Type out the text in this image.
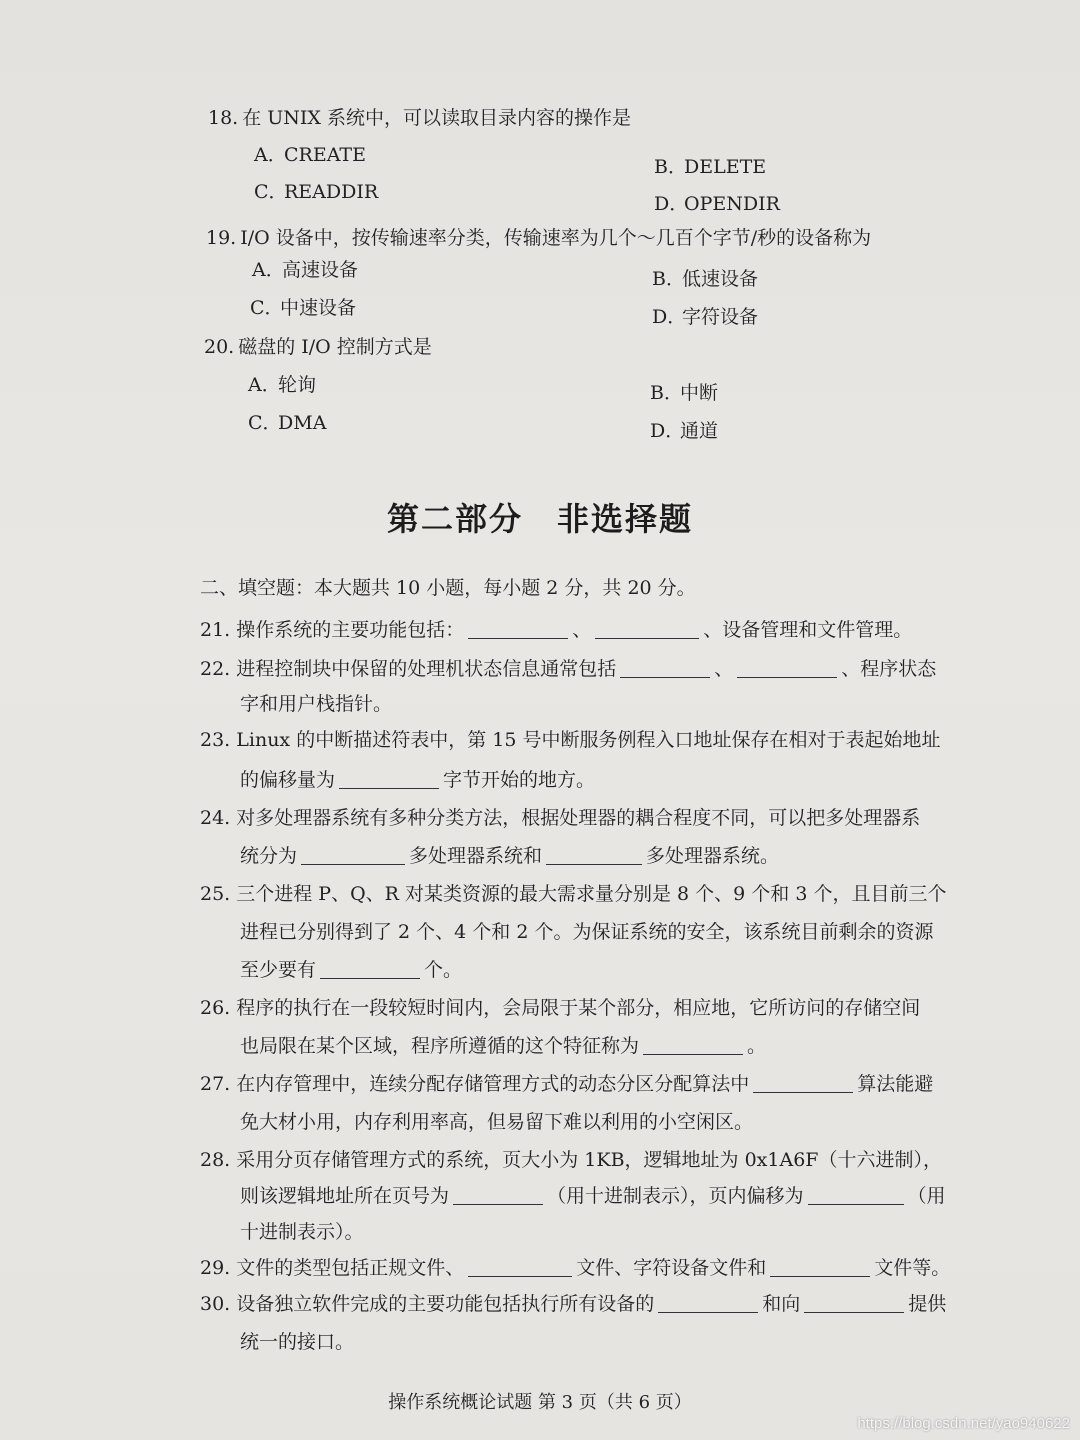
18. 在 UNIX 系统中，可以读取目录内容的操作是
A．CREATE
B．DELETE
C．READDIR
D．OPENDIR
19. I/O 设备中，按传输速率分类，传输速率为几个～几百个字节/秒的设备称为
A．高速设备	B．低速设备
C．中速设备	D．字符设备
20. 磁盘的 I/O 控制方式是
A．轮询	B．中断
C．DMA	D．通道
第二部分　非选择题
二、填空题：本大题共 10 小题，每小题 2 分，共 20 分。
21. 操作系统的主要功能包括：	、	、设备管理和文件管理。
22. 进程控制块中保留的处理机状态信息通常包括	、	、程序状态
字和用户栈指针。
23. Linux 的中断描述符表中，第 15 号中断服务例程入口地址保存在相对于表起始地址
的偏移量为	字节开始的地方。
24. 对多处理器系统有多种分类方法，根据处理器的耦合程度不同，可以把多处理器系
统分为	多处理器系统和	多处理器系统。
25. 三个进程 P、Q、R 对某类资源的最大需求量分别是 8 个、9 个和 3 个，且目前三个
进程已分别得到了 2 个、4 个和 2 个。为保证系统的安全，该系统目前剩余的资源
至少要有	个。
26. 程序的执行在一段较短时间内，会局限于某个部分，相应地，它所访问的存储空间
也局限在某个区域，程序所遵循的这个特征称为	。
27. 在内存管理中，连续分配存储管理方式的动态分区分配算法中	算法能避
免大材小用，内存利用率高，但易留下难以利用的小空闲区。
28. 采用分页存储管理方式的系统，页大小为 1KB，逻辑地址为 0x1A6F（十六进制），
则该逻辑地址所在页号为	（用十进制表示），页内偏移为	（用
十进制表示）。
29. 文件的类型包括正规文件、	文件、字符设备文件和	文件等。
30. 设备独立软件完成的主要功能包括执行所有设备的	和向	提供
统一的接口。
操作系统概论试题 第 3 页（共 6 页）
https://blog.csdn.net/yao940622
